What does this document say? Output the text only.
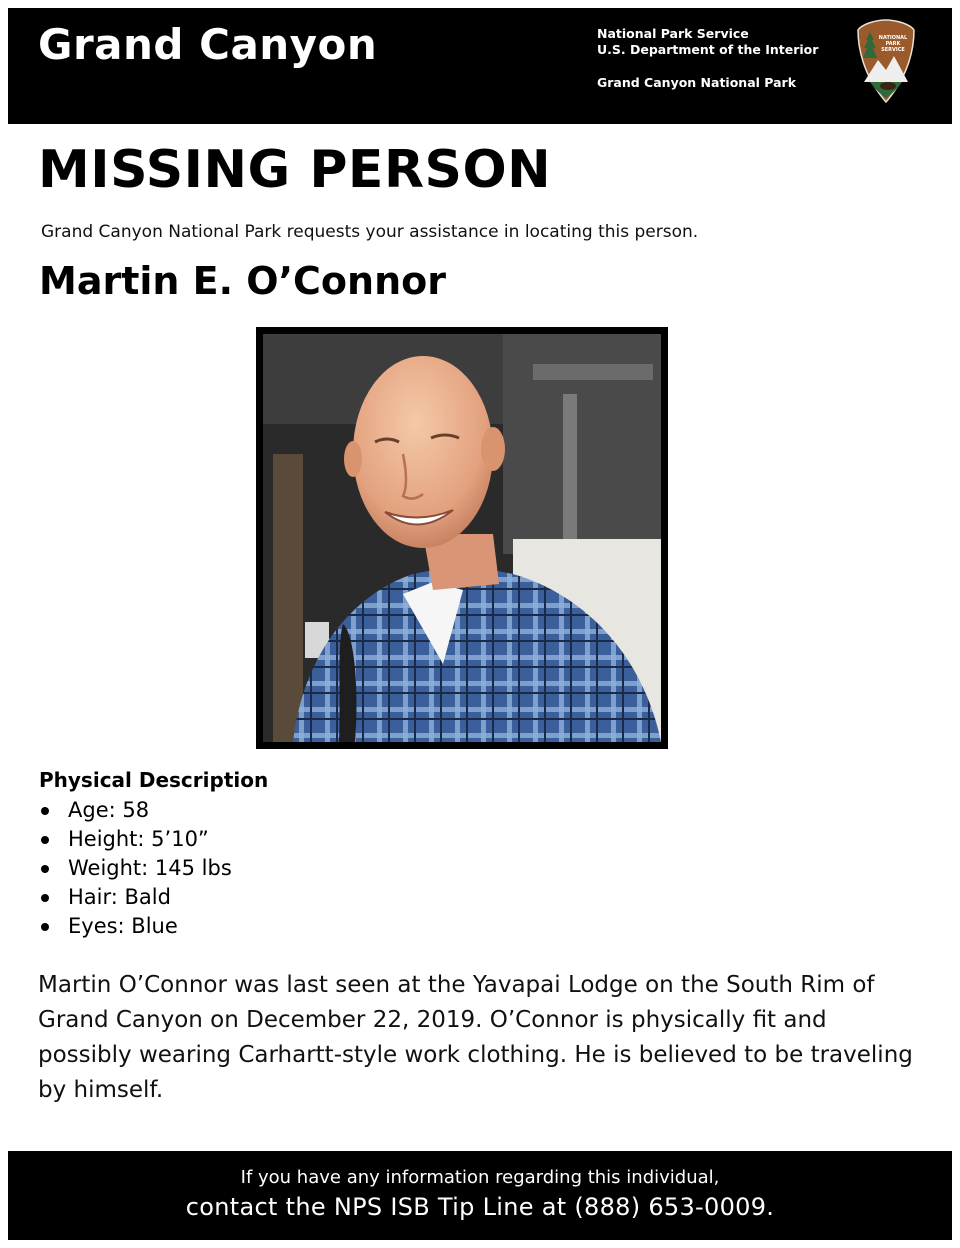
Grand Canyon	National Park Service
U.S. Department of the Interior
Grand Canyon National Park
NATIONAL
PARK
SERVICE
MISSING PERSON
Grand Canyon National Park requests your assistance in locating this person.
Martin E. O’Connor
Physical Description
Age: 58
Height: 5’10”
Weight: 145 lbs
Hair: Bald
Eyes: Blue
Martin O’Connor was last seen at the Yavapai Lodge on the South Rim of Grand Canyon on December 22, 2019. O’Connor is physically fit and possibly wearing Carhartt-style work clothing. He is believed to be traveling by himself.
If you have any information regarding this individual,
contact the NPS ISB Tip Line at (888) 653-0009.
